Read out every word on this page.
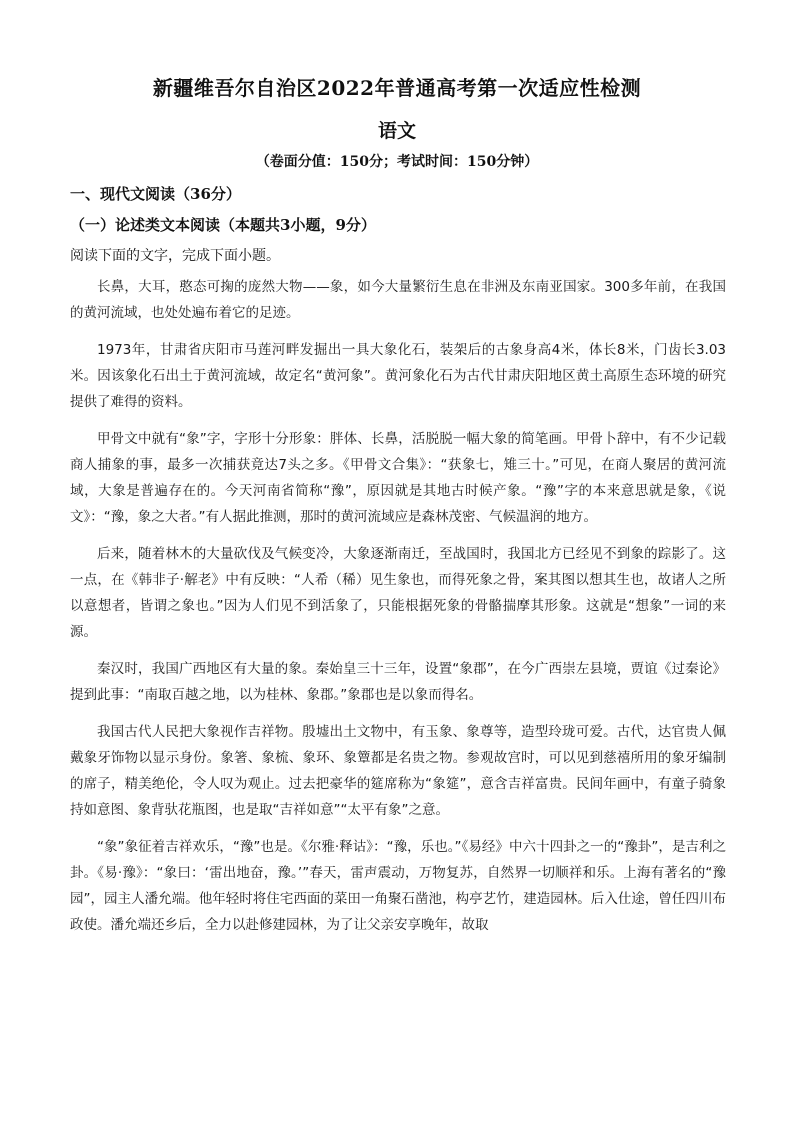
新疆维吾尔自治区2022年普通高考第一次适应性检测
语文
（卷面分值：150分；考试时间：150分钟）
一、现代文阅读（36分）
（一）论述类文本阅读（本题共3小题，9分）
阅读下面的文字，完成下面小题。

长鼻，大耳，憨态可掬的庞然大物——象，如今大量繁衍生息在非洲及东南亚国家。300多年前，在我国的黄河流域，也处处遍布着它的足迹。

1973年，甘肃省庆阳市马莲河畔发掘出一具大象化石，装架后的古象身高4米，体长8米，门齿长3.03米。因该象化石出土于黄河流域，故定名“黄河象”。黄河象化石为古代甘肃庆阳地区黄土高原生态环境的研究提供了难得的资料。

甲骨文中就有“象”字，字形十分形象：胖体、长鼻，活脱脱一幅大象的简笔画。甲骨卜辞中，有不少记载商人捕象的事，最多一次捕获竟达7头之多。《甲骨文合集》：“获象七，雉三十。”可见，在商人聚居的黄河流域，大象是普遍存在的。今天河南省简称“豫”，原因就是其地古时候产象。“豫”字的本来意思就是象，《说文》：“豫，象之大者。”有人据此推测，那时的黄河流域应是森林茂密、气候温润的地方。

后来，随着林木的大量砍伐及气候变冷，大象逐渐南迁，至战国时，我国北方已经见不到象的踪影了。这一点，在《韩非子·解老》中有反映：“人希（稀）见生象也，而得死象之骨，案其图以想其生也，故诸人之所以意想者，皆谓之象也。”因为人们见不到活象了，只能根据死象的骨骼揣摩其形象。这就是“想象”一词的来源。

秦汉时，我国广西地区有大量的象。秦始皇三十三年，设置“象郡”，在今广西崇左县境，贾谊《过秦论》提到此事：“南取百越之地，以为桂林、象郡。”象郡也是以象而得名。

我国古代人民把大象视作吉祥物。殷墟出土文物中，有玉象、象尊等，造型玲珑可爱。古代，达官贵人佩戴象牙饰物以显示身份。象箸、象梳、象环、象簟都是名贵之物。参观故宫时，可以见到慈禧所用的象牙编制的席子，精美绝伦，令人叹为观止。过去把豪华的筵席称为“象筵”，意含吉祥富贵。民间年画中，有童子骑象持如意图、象背驮花瓶图，也是取“吉祥如意”“太平有象”之意。

“象”象征着吉祥欢乐，“豫”也是。《尔雅·释诂》：“豫，乐也。”《易经》中六十四卦之一的“豫卦”，是吉利之卦。《易·豫》：“象曰：‘雷出地奋，豫。’”春天，雷声震动，万物复苏，自然界一切顺祥和乐。上海有著名的“豫园”，园主人潘允端。他年轻时将住宅西面的菜田一角聚石凿池，构亭艺竹，建造园林。后入仕途，曾任四川布政使。潘允端还乡后，全力以赴修建园林，为了让父亲安享晚年，故取
